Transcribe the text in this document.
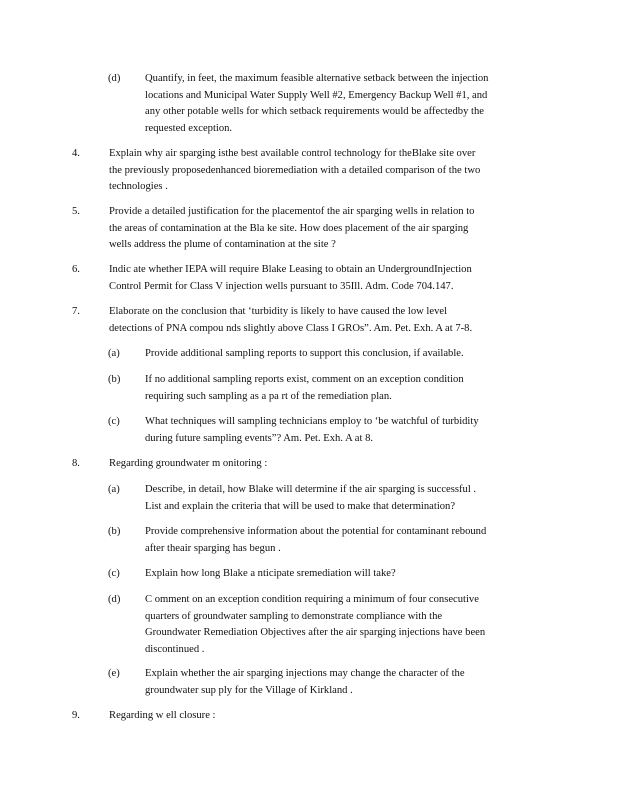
(d) Quantify, in feet, the maximum feasible alternative setback between the injection
locations and Municipal Water Supply Well #2, Emergency Backup Well #1, and
any other potable wells for which setback requirements would be affectedby the
requested exception.
4.	Explain why air sparging isthe best available control technology for theBlake site over
the previously proposedenhanced bioremediation with a detailed comparison of the two
technologies .
5.	Provide a detailed justification for the placementof the air sparging wells in relation to
the areas of contamination at the Bla ke site. How does placement of the air sparging
wells address the plume of contamination at the site ?
6.	Indic ate whether IEPA will require Blake Leasing to obtain an UndergroundInjection
Control Permit for Class V injection wells pursuant to 35Ill. Adm. Code 704.147.
7.	Elaborate on the conclusion that ‘turbidity is likely to have caused the low level
detections of PNA compou nds slightly above Class I GROs”. Am. Pet. Exh. A at 7-8.
(a) Provide additional sampling reports to support this conclusion, if available.
(b) If no additional sampling reports exist, comment on an exception condition
requiring such sampling as a pa rt of the remediation plan.
(c) What techniques will sampling technicians employ to ‘be watchful of turbidity
during future sampling events”? Am. Pet. Exh. A at 8.
8.	Regarding groundwater m onitoring :
(a) Describe, in detail, how Blake will determine if the air sparging is successful .
List and explain the criteria that will be used to make that determination?
(b) Provide comprehensive information about the potential for contaminant rebound
after theair sparging has begun .
(c) Explain how long Blake a nticipate sremediation will take?
(d) C omment on an exception condition requiring a minimum of four consecutive
quarters of groundwater sampling to demonstrate compliance with the
Groundwater Remediation Objectives after the air sparging injections have been
discontinued .
(e) Explain whether the air sparging injections may change the character of the
groundwater sup ply for the Village of Kirkland .
9.	Regarding w ell closure :
